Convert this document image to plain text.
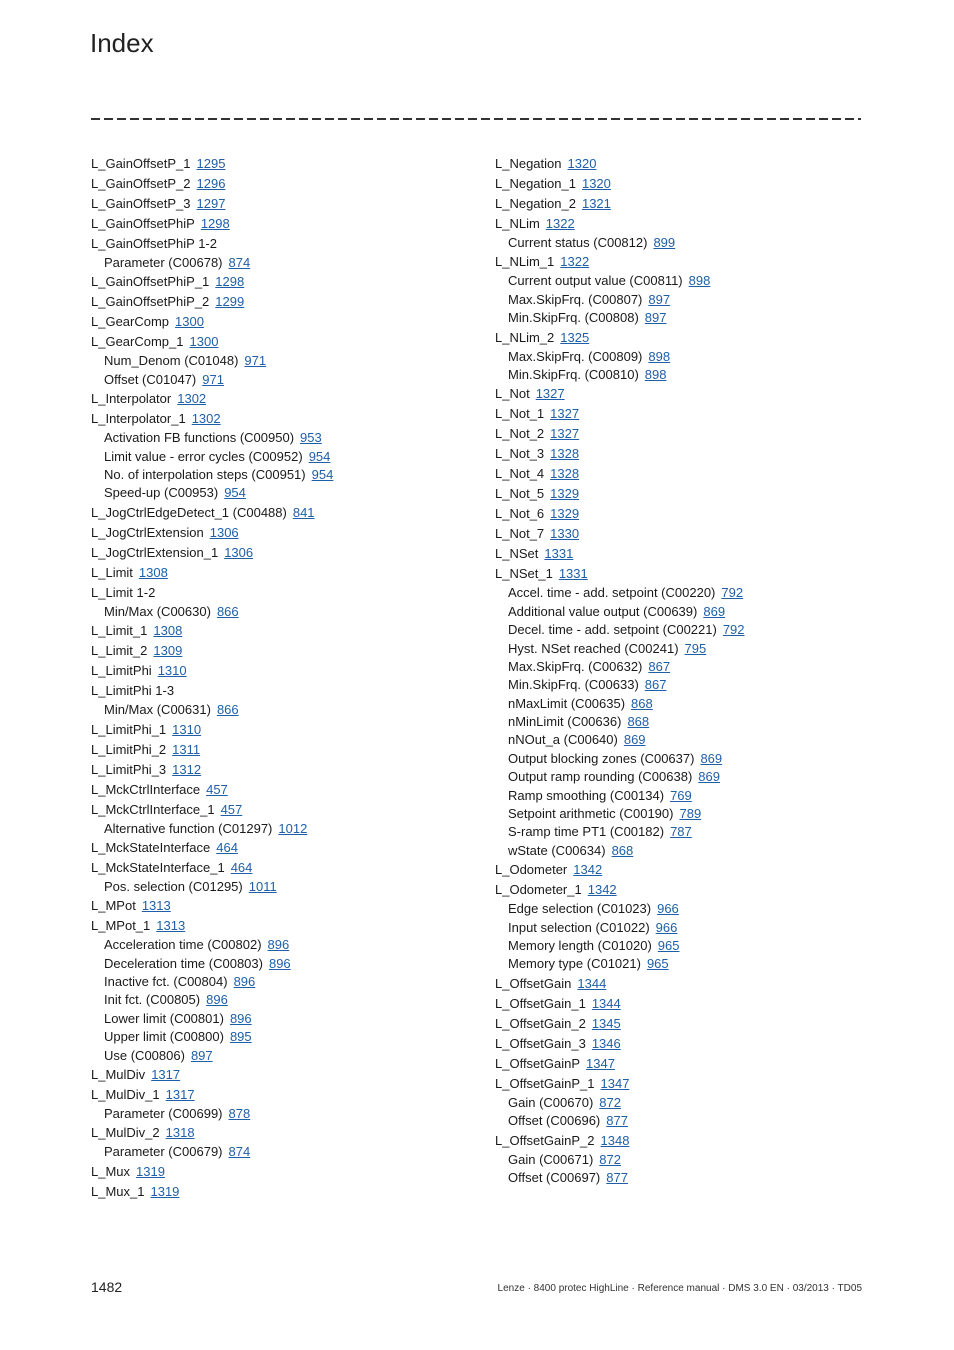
Index
L_GainOffsetP_1 1295
L_GainOffsetP_2 1296
L_GainOffsetP_3 1297
L_GainOffsetPhiP 1298
L_GainOffsetPhiP 1-2
Parameter (C00678) 874
L_GainOffsetPhiP_1 1298
L_GainOffsetPhiP_2 1299
L_GearComp 1300
L_GearComp_1 1300
Num_Denom (C01048) 971
Offset (C01047) 971
L_Interpolator 1302
L_Interpolator_1 1302
Activation FB functions (C00950) 953
Limit value - error cycles (C00952) 954
No. of interpolation steps (C00951) 954
Speed-up (C00953) 954
L_JogCtrlEdgeDetect_1 (C00488) 841
L_JogCtrlExtension 1306
L_JogCtrlExtension_1 1306
L_Limit 1308
L_Limit 1-2
Min/Max (C00630) 866
L_Limit_1 1308
L_Limit_2 1309
L_LimitPhi 1310
L_LimitPhi 1-3
Min/Max (C00631) 866
L_LimitPhi_1 1310
L_LimitPhi_2 1311
L_LimitPhi_3 1312
L_MckCtrlInterface 457
L_MckCtrlInterface_1 457
Alternative function (C01297) 1012
L_MckStateInterface 464
L_MckStateInterface_1 464
Pos. selection (C01295) 1011
L_MPot 1313
L_MPot_1 1313
Acceleration time (C00802) 896
Deceleration time (C00803) 896
Inactive fct. (C00804) 896
Init fct. (C00805) 896
Lower limit (C00801) 896
Upper limit (C00800) 895
Use (C00806) 897
L_MulDiv 1317
L_MulDiv_1 1317
Parameter (C00699) 878
L_MulDiv_2 1318
Parameter (C00679) 874
L_Mux 1319
L_Mux_1 1319
L_Negation 1320
L_Negation_1 1320
L_Negation_2 1321
L_NLim 1322
Current status (C00812) 899
L_NLim_1 1322
Current output value (C00811) 898
Max.SkipFrq. (C00807) 897
Min.SkipFrq. (C00808) 897
L_NLim_2 1325
Max.SkipFrq. (C00809) 898
Min.SkipFrq. (C00810) 898
L_Not 1327
L_Not_1 1327
L_Not_2 1327
L_Not_3 1328
L_Not_4 1328
L_Not_5 1329
L_Not_6 1329
L_Not_7 1330
L_NSet 1331
L_NSet_1 1331
Accel. time - add. setpoint (C00220) 792
Additional value output (C00639) 869
Decel. time - add. setpoint (C00221) 792
Hyst. NSet reached (C00241) 795
Max.SkipFrq. (C00632) 867
Min.SkipFrq. (C00633) 867
nMaxLimit (C00635) 868
nMinLimit (C00636) 868
nNOut_a (C00640) 869
Output blocking zones (C00637) 869
Output ramp rounding (C00638) 869
Ramp smoothing (C00134) 769
Setpoint arithmetic (C00190) 789
S-ramp time PT1 (C00182) 787
wState (C00634) 868
L_Odometer 1342
L_Odometer_1 1342
Edge selection (C01023) 966
Input selection (C01022) 966
Memory length (C01020) 965
Memory type (C01021) 965
L_OffsetGain 1344
L_OffsetGain_1 1344
L_OffsetGain_2 1345
L_OffsetGain_3 1346
L_OffsetGainP 1347
L_OffsetGainP_1 1347
Gain (C00670) 872
Offset (C00696) 877
L_OffsetGainP_2 1348
Gain (C00671) 872
Offset (C00697) 877
1482	Lenze · 8400 protec HighLine · Reference manual · DMS 3.0 EN · 03/2013 · TD05
